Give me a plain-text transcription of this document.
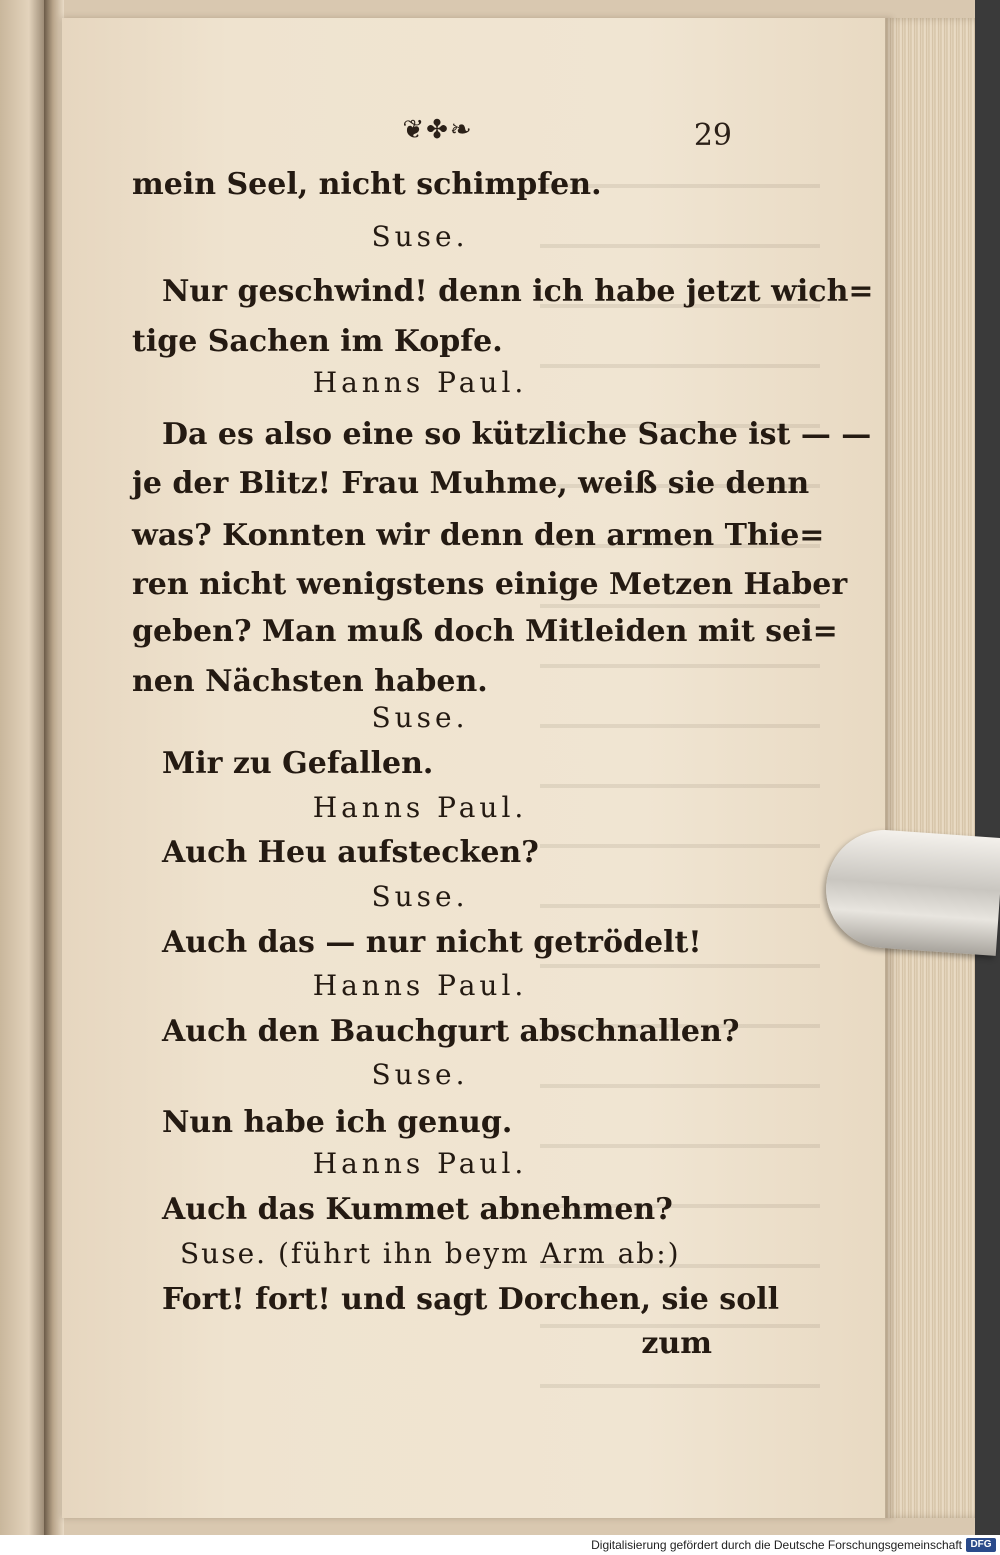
❦✤❧	29
mein Seel, nicht schimpfen.
Suse.
Nur geschwind! denn ich habe jetzt wich=
tige Sachen im Kopfe.
Hanns Paul.
Da es also eine so kützliche Sache ist — —
je der Blitz! Frau Muhme, weiß sie denn
was? Konnten wir denn den armen Thie=
ren nicht wenigstens einige Metzen Haber
geben? Man muß doch Mitleiden mit sei=
nen Nächsten haben.
Suse.
Mir zu Gefallen.
Hanns Paul.
Auch Heu aufstecken?
Suse.
Auch das — nur nicht getrödelt!
Hanns Paul.
Auch den Bauchgurt abschnallen?
Suse.
Nun habe ich genug.
Hanns Paul.
Auch das Kummet abnehmen?
Suse. (führt ihn beym Arm ab:)
Fort! fort! und sagt Dorchen, sie soll
zum
Digitalisierung gefördert durch die Deutsche Forschungsgemeinschaft DFG
